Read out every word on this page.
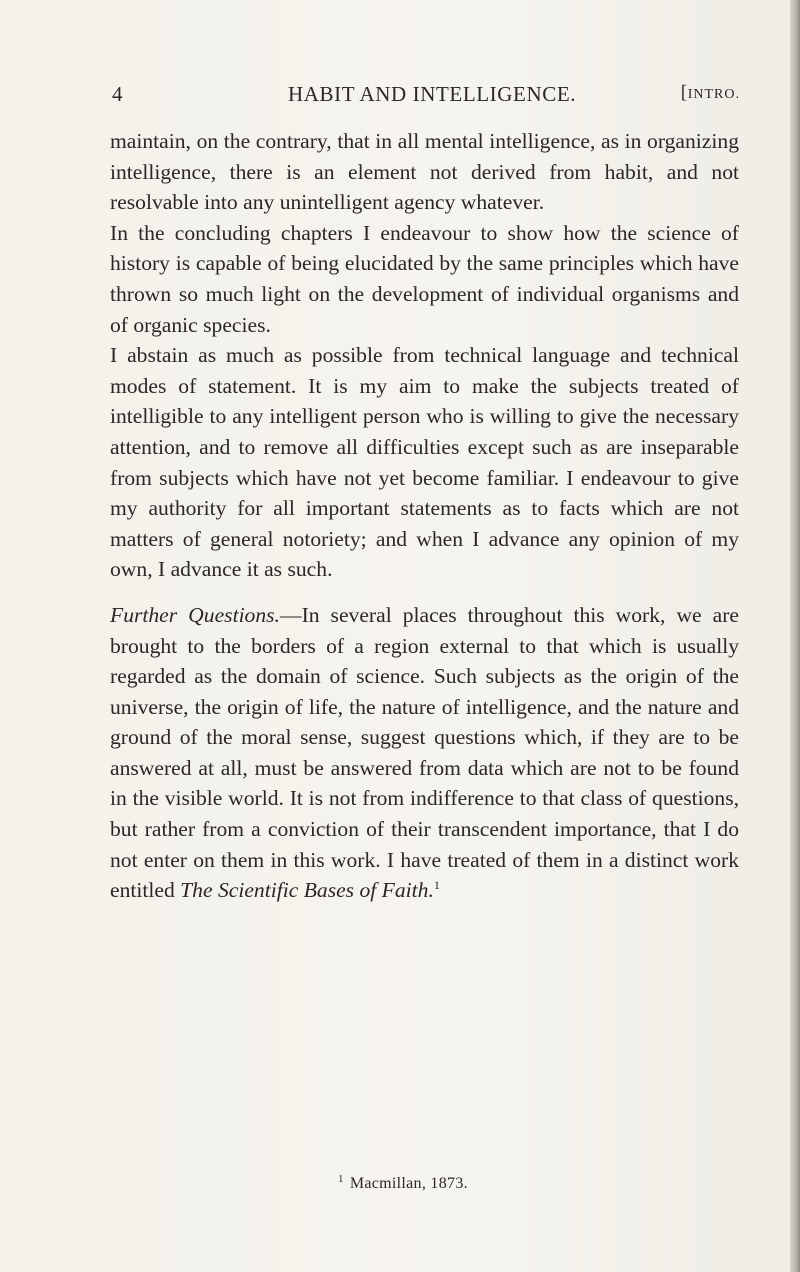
4	HABIT AND INTELLIGENCE.	[INTRO.

maintain, on the contrary, that in all mental intelligence, as in organizing intelligence, there is an element not derived from habit, and not resolvable into any unintelligent agency whatever.

In the concluding chapters I endeavour to show how the science of history is capable of being elucidated by the same principles which have thrown so much light on the development of individual organisms and of organic species.

I abstain as much as possible from technical language and technical modes of statement. It is my aim to make the subjects treated of intelligible to any intelligent person who is willing to give the necessary attention, and to remove all difficulties except such as are inseparable from subjects which have not yet become familiar. I endeavour to give my authority for all important statements as to facts which are not matters of general notoriety; and when I advance any opinion of my own, I advance it as such.

Further Questions.—In several places throughout this work, we are brought to the borders of a region external to that which is usually regarded as the domain of science. Such subjects as the origin of the universe, the origin of life, the nature of intelligence, and the nature and ground of the moral sense, suggest questions which, if they are to be answered at all, must be answered from data which are not to be found in the visible world. It is not from indifference to that class of questions, but rather from a conviction of their transcendent importance, that I do not enter on them in this work. I have treated of them in a distinct work entitled The Scientific Bases of Faith.$^1$

$^1$ Macmillan, 1873.
